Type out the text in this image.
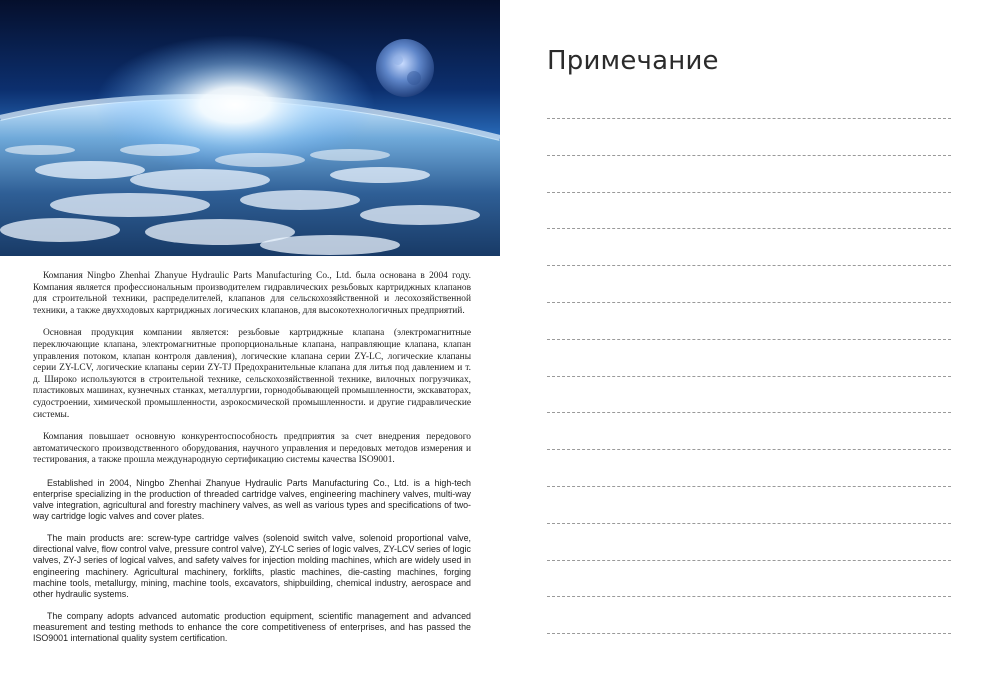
Компания Ningbo Zhenhai Zhanyue Hydraulic Parts Manufacturing Co., Ltd. была основана в 2004 году. Компания является профессиональным производителем гидравлических резьбовых картриджных клапанов для строительной техники, распределителей, клапанов для сельскохозяйственной и лесохозяйственной техники, а также двухходовых картриджных логических клапанов, для высокотехнологичных предприятий.

Основная продукция компании является: резьбовые картриджные клапана (электромагнитные переключающие клапана, электромагнитные пропорциональные клапана, направляющие клапана, клапан управления потоком, клапан контроля давления), логические клапана серии ZY-LC, логические клапаны серии ZY-LCV, логические клапаны серии ZY-TJ Предохранительные клапана для литья под давлением и т. д. Широко используются в строительной технике, сельскохозяйственной технике, вилочных погрузчиках, пластиковых машинах, кузнечных станках, металлургии, горнодобывающей промышленности, экскаваторах, судостроении, химической промышленности, аэрокосмической промышленности. и другие гидравлические системы.

Компания повышает основную конкурентоспособность предприятия за счет внедрения передового автоматического производственного оборудования, научного управления и передовых методов измерения и тестирования, а также прошла международную сертификацию системы качества ISO9001.

Established in 2004, Ningbo Zhenhai Zhanyue Hydraulic Parts Manufacturing Co., Ltd. is a high-tech enterprise specializing in the production of threaded cartridge valves, engineering machinery valves, multi-way valve integration, agricultural and forestry machinery valves, as well as various types and specifications of two-way cartridge logic valves and cover plates.

The main products are: screw-type cartridge valves (solenoid switch valve, solenoid proportional valve, directional valve, flow control valve, pressure control valve), ZY-LC series of logic valves, ZY-LCV series of logic valves, ZY-J series of logical valves, and safety valves for injection molding machines, which are widely used in engineering machinery. Agricultural machinery, forklifts, plastic machines, die-casting machines, forging machine tools, metallurgy, mining, machine tools, excavators, shipbuilding, chemical industry, aerospace and other hydraulic systems.

The company adopts advanced automatic production equipment, scientific management and advanced measurement and testing methods to enhance the core competitiveness of enterprises, and has passed the ISO9001 international quality system certification.

Примечание
